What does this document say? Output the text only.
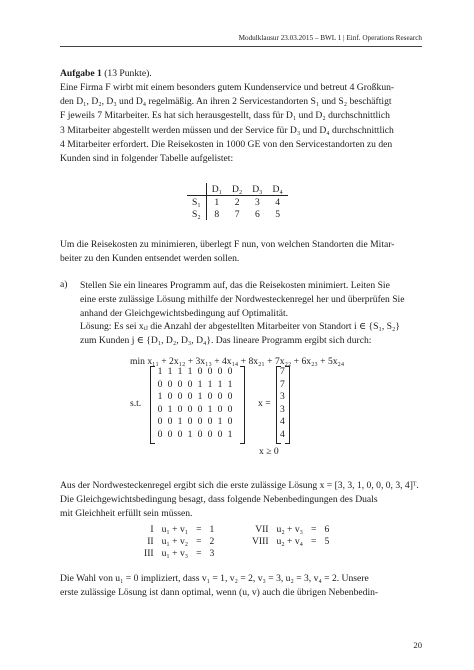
Modulklausur 23.03.2015 – BWL 1 | Einf. Operations Research
Aufgabe 1 (13 Punkte).
Eine Firma F wirbt mit einem besonders gutem Kundenservice und betreut 4 Großkun-
den D₁, D₂, D₃ und D₄ regelmäßig. An ihren 2 Servicestandorten S₁ und S₂ beschäftigt
F jeweils 7 Mitarbeiter. Es hat sich herausgestellt, dass für D₁ und D₂ durchschnittlich
3 Mitarbeiter abgestellt werden müssen und der Service für D₃ und D₄ durchschnittlich
4 Mitarbeiter erfordert. Die Reisekosten in 1000 GE von den Servicestandorten zu den
Kunden sind in folgender Tabelle aufgelistet:
	D₁	D₂	D₃	D₄
S₁	1	2	3	4
S₂	8	7	6	5
Um die Reisekosten zu minimieren, überlegt F nun, von welchen Standorten die Mitar-
beiter zu den Kunden entsendet werden sollen.
a) Stellen Sie ein lineares Programm auf, das die Reisekosten minimiert. Leiten Sie
eine erste zulässige Lösung mithilfe der Nordwesteckenregel her und überprüfen Sie
anhand der Gleichgewichtsbedingung auf Optimalität.
Lösung: Es sei xᵢⱼ die Anzahl der abgestellten Mitarbeiter von Standort i ∈ {S₁, S₂}
zum Kunden j ∈ {D₁, D₂, D₃, D₄}. Das lineare Programm ergibt sich durch:
min x₁₁ + 2x₁₂ + 3x₁₃ + 4x₁₄ + 8x₂₁ + 7x₂₂ + 6x₂₃ + 5x₂₄
s.t.
1 1 1 1 0 0 0 0
0 0 0 0 1 1 1 1
1 0 0 0 1 0 0 0
0 1 0 0 0 1 0 0
0 0 1 0 0 0 1 0
0 0 0 1 0 0 0 1
x =
7
7
3
3
4
4
x ≥ 0
Aus der Nordwesteckenregel ergibt sich die erste zulässige Lösung x = [3, 3, 1, 0, 0, 0, 3, 4]ᵀ.
Die Gleichgewichtsbedingung besagt, dass folgende Nebenbedingungen des Duals
mit Gleichheit erfüllt sein müssen.
I	u₁ + v₁	=	1
II	u₁ + v₂	=	2
III	u₁ + v₃	=	3
VII	u₂ + v₃	=	6
VIII	u₂ + v₄	=	5
Die Wahl von u₁ = 0 impliziert, dass v₁ = 1, v₂ = 2, v₃ = 3, u₂ = 3, v₄ = 2. Unsere
erste zulässige Lösung ist dann optimal, wenn (u, v) auch die übrigen Nebenbedin-
20
